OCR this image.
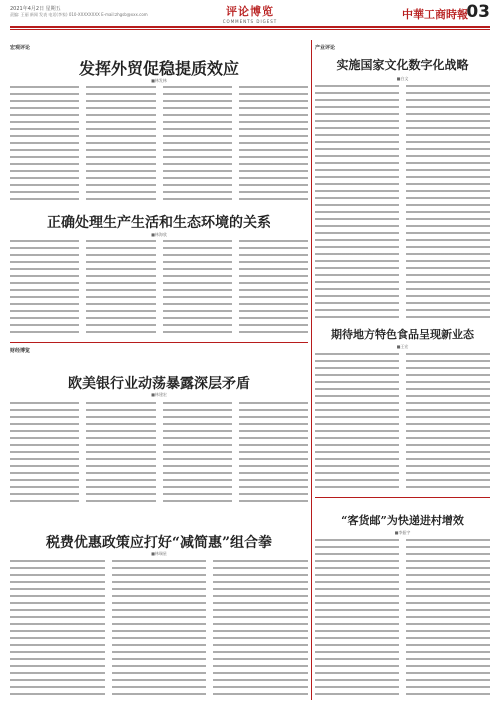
2021年4月2日 星期五
责编: 王丽 新闻 发表 电话(李家) 010-XXXXXXXX E-mail:zhgsb@xxx.com	评论博览
COMMENTS DIGEST
中華工商時報
03
宏观评论
发挥外贸促稳提质效应
■林发林
正确处理生产生活和生态环境的关系
■林海欣
财经博览
欧美银行业动荡暴露深层矛盾
■林建宏
税费优惠政策应打好“减简惠”组合拳
■林瑞星
产业评论
实施国家文化数字化战略
■白文
期待地方特色食品呈现新业态
■王宏
“客货邮”为快递进村增效
■李振宇
